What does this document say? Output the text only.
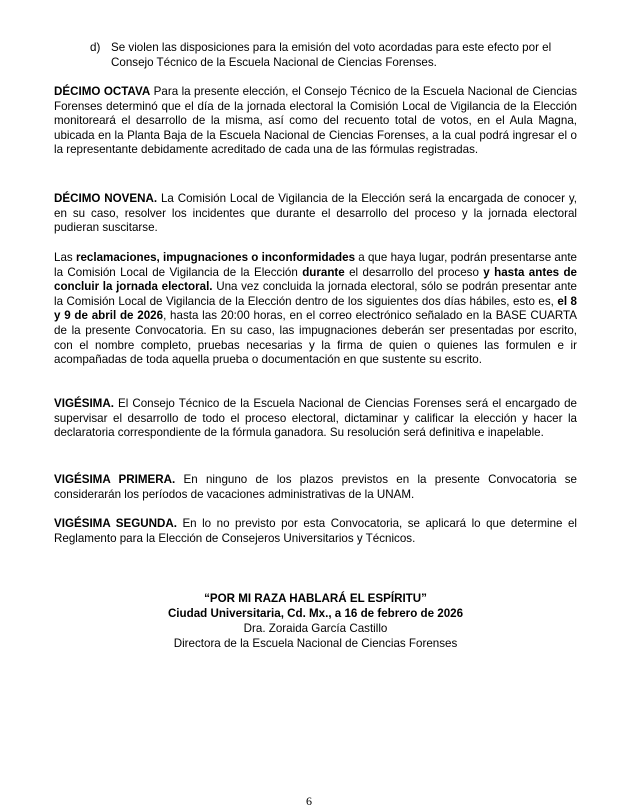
d) Se violen las disposiciones para la emisión del voto acordadas para este efecto por el Consejo Técnico de la Escuela Nacional de Ciencias Forenses.

DÉCIMO OCTAVA Para la presente elección, el Consejo Técnico de la Escuela Nacional de Ciencias Forenses determinó que el día de la jornada electoral la Comisión Local de Vigilancia de la Elección monitoreará el desarrollo de la misma, así como del recuento total de votos, en el Aula Magna, ubicada en la Planta Baja de la Escuela Nacional de Ciencias Forenses, a la cual podrá ingresar el o la representante debidamente acreditado de cada una de las fórmulas registradas.

DÉCIMO NOVENA. La Comisión Local de Vigilancia de la Elección será la encargada de conocer y, en su caso, resolver los incidentes que durante el desarrollo del proceso y la jornada electoral pudieran suscitarse.

Las reclamaciones, impugnaciones o inconformidades a que haya lugar, podrán presentarse ante la Comisión Local de Vigilancia de la Elección durante el desarrollo del proceso y hasta antes de concluir la jornada electoral. Una vez concluida la jornada electoral, sólo se podrán presentar ante la Comisión Local de Vigilancia de la Elección dentro de los siguientes dos días hábiles, esto es, el 8 y 9 de abril de 2026, hasta las 20:00 horas, en el correo electrónico señalado en la BASE CUARTA de la presente Convocatoria. En su caso, las impugnaciones deberán ser presentadas por escrito, con el nombre completo, pruebas necesarias y la firma de quien o quienes las formulen e ir acompañadas de toda aquella prueba o documentación en que sustente su escrito.

VIGÉSIMA. El Consejo Técnico de la Escuela Nacional de Ciencias Forenses será el encargado de supervisar el desarrollo de todo el proceso electoral, dictaminar y calificar la elección y hacer la declaratoria correspondiente de la fórmula ganadora. Su resolución será definitiva e inapelable.

VIGÉSIMA PRIMERA. En ninguno de los plazos previstos en la presente Convocatoria se considerarán los períodos de vacaciones administrativas de la UNAM.

VIGÉSIMA SEGUNDA. En lo no previsto por esta Convocatoria, se aplicará lo que determine el Reglamento para la Elección de Consejeros Universitarios y Técnicos.

“POR MI RAZA HABLARÁ EL ESPÍRITU”
Ciudad Universitaria, Cd. Mx., a 16 de febrero de 2026
Dra. Zoraida García Castillo
Directora de la Escuela Nacional de Ciencias Forenses
6
